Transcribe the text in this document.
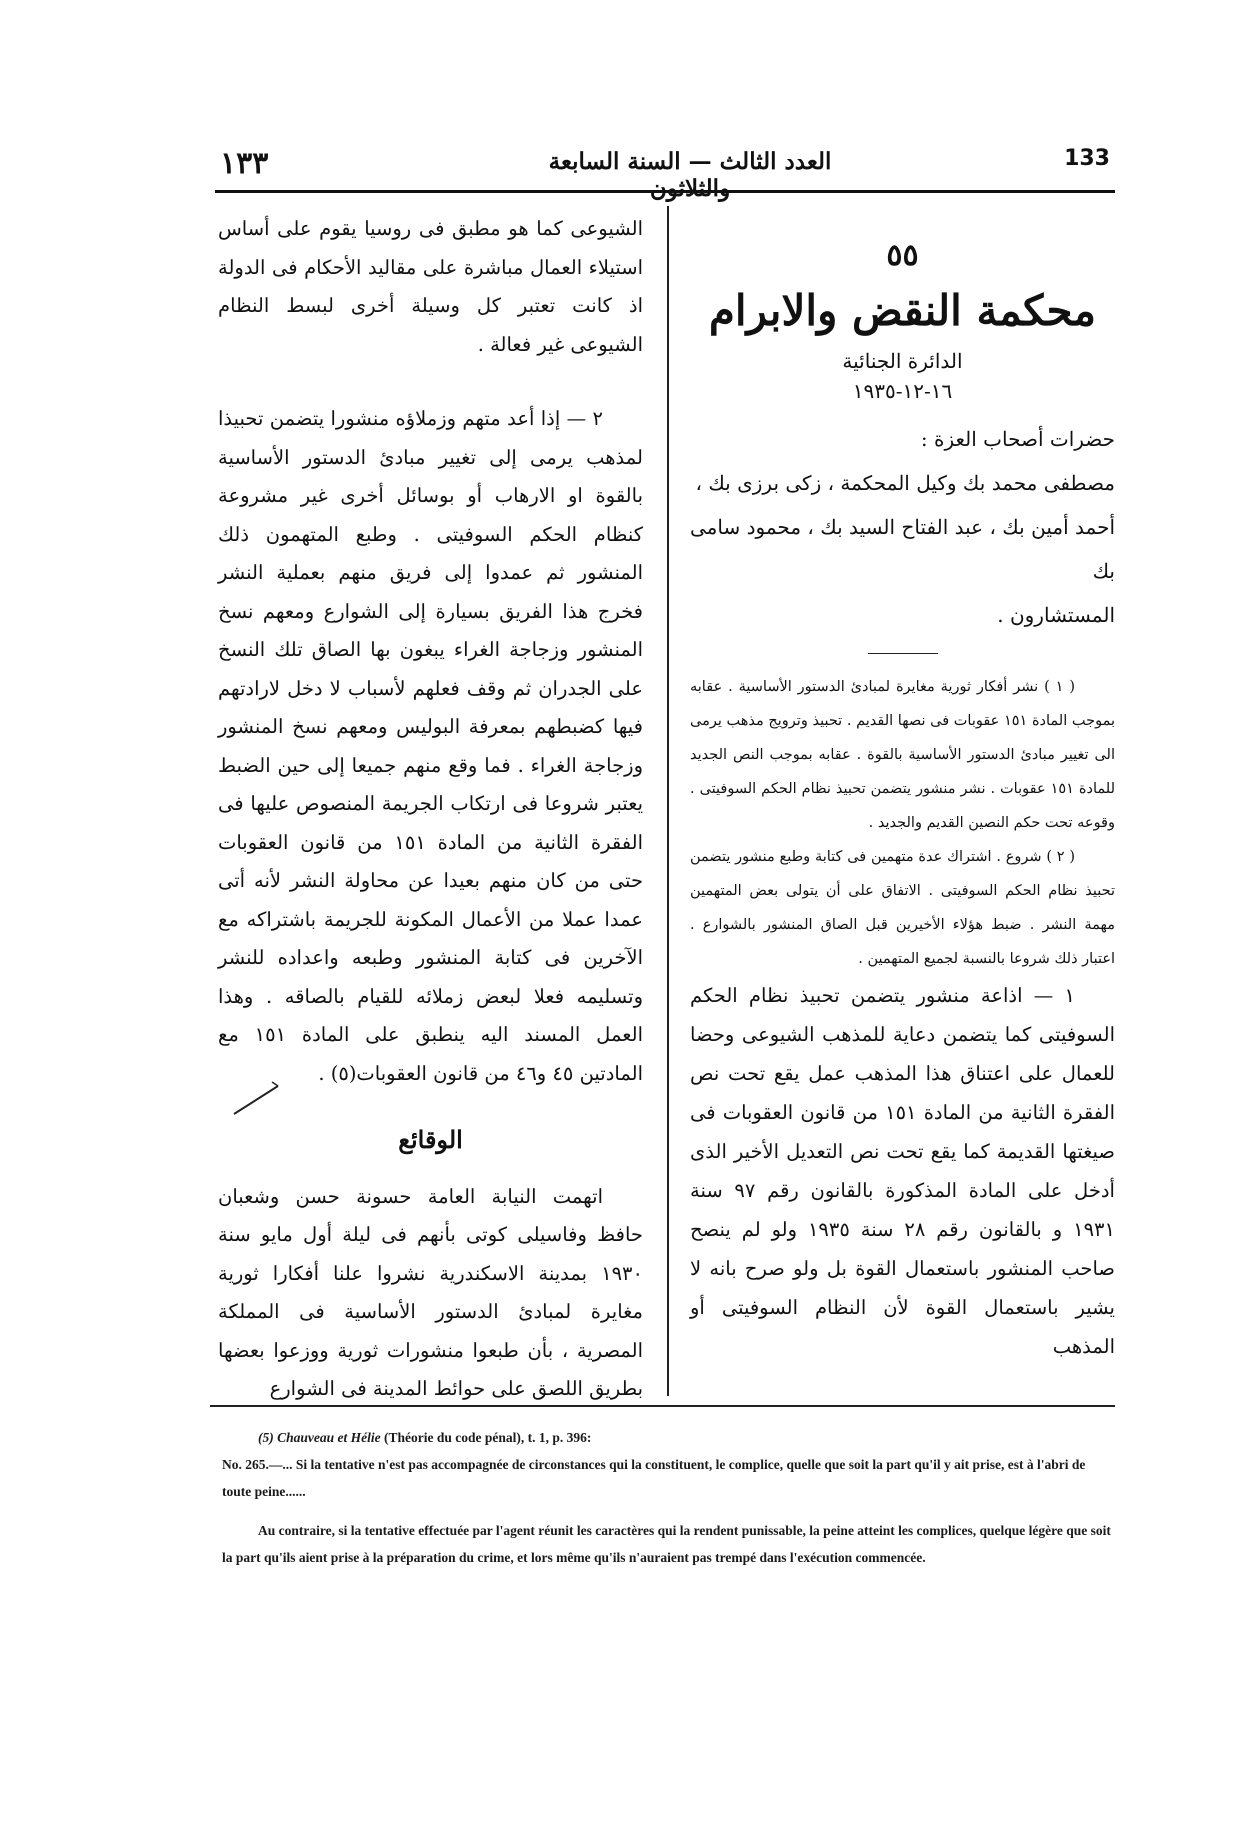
١٣٣	العدد الثالث — السنة السابعة والثلاثون
133
٥٥
محكمة النقض والابرام
الدائرة الجنائية
١٦-١٢-١٩٣٥

حضرات أصحاب العزة :

مصطفى محمد بك وكيل المحكمة ، زكى برزى بك ،

أحمد أمين بك ، عبد الفتاح السيد بك ، محمود سامى بك

المستشارون .

( ١ ) نشر أفكار ثورية مغايرة لمبادئ الدستور الأساسية . عقابه بموجب المادة ١٥١ عقوبات فى نصها القديم . تحبيذ وترويج مذهب يرمى الى تغيير مبادئ الدستور الأساسية بالقوة . عقابه بموجب النص الجديد للمادة ١٥١ عقوبات . نشر منشور يتضمن تحبيذ نظام الحكم السوفيتى . وقوعه تحت حكم النصين القديم والجديد .

( ٢ ) شروع . اشتراك عدة متهمين فى كتابة وطبع منشور يتضمن تحبيذ نظام الحكم السوفيتى . الاتفاق على أن يتولى بعض المتهمين مهمة النشر . ضبط هؤلاء الأخيرين قبل الصاق المنشور بالشوارع . اعتبار ذلك شروعا بالنسبة لجميع المتهمين .

١ — اذاعة منشور يتضمن تحبيذ نظام الحكم السوفيتى كما يتضمن دعاية للمذهب الشيوعى وحضا للعمال على اعتناق هذا المذهب عمل يقع تحت نص الفقرة الثانية من المادة ١٥١ من قانون العقوبات فى صيغتها القديمة كما يقع تحت نص التعديل الأخير الذى أدخل على المادة المذكورة بالقانون رقم ٩٧ سنة ١٩٣١ و بالقانون رقم ٢٨ سنة ١٩٣٥ ولو لم ينصح صاحب المنشور باستعمال القوة بل ولو صرح بانه لا يشير باستعمال القوة لأن النظام السوفيتى أو المذهب

الشيوعى كما هو مطبق فى روسيا يقوم على أساس استيلاء العمال مباشرة على مقاليد الأحكام فى الدولة اذ كانت تعتبر كل وسيلة أخرى لبسط النظام الشيوعى غير فعالة .

٢ — إذا أعد متهم وزملاؤه منشورا يتضمن تحبيذا لمذهب يرمى إلى تغيير مبادئ الدستور الأساسية بالقوة او الارهاب أو بوسائل أخرى غير مشروعة كنظام الحكم السوفيتى . وطبع المتهمون ذلك المنشور ثم عمدوا إلى فريق منهم بعملية النشر فخرج هذا الفريق بسيارة إلى الشوارع ومعهم نسخ المنشور وزجاجة الغراء يبغون بها الصاق تلك النسخ على الجدران ثم وقف فعلهم لأسباب لا دخل لارادتهم فيها كضبطهم بمعرفة البوليس ومعهم نسخ المنشور وزجاجة الغراء . فما وقع منهم جميعا إلى حين الضبط يعتبر شروعا فى ارتكاب الجريمة المنصوص عليها فى الفقرة الثانية من المادة ١٥١ من قانون العقوبات حتى من كان منهم بعيدا عن محاولة النشر لأنه أتى عمدا عملا من الأعمال المكونة للجريمة باشتراكه مع الآخرين فى كتابة المنشور وطبعه واعداده للنشر وتسليمه فعلا لبعض زملائه للقيام بالصاقه . وهذا العمل المسند اليه ينطبق على المادة ١٥١ مع المادتين ٤٥ و٤٦ من قانون العقوبات(٥) .

الوقائع

اتهمت النيابة العامة حسونة حسن وشعبان حافظ وفاسيلى كوتى بأنهم فى ليلة أول مايو سنة ١٩٣٠ بمدينة الاسكندرية نشروا علنا أفكارا ثورية مغايرة لمبادئ الدستور الأساسية فى المملكة المصرية ، بأن طبعوا منشورات ثورية ووزعوا بعضها بطريق اللصق على حوائط المدينة فى الشوارع

(5) Chauveau et Hélie (Théorie du code pénal), t. 1, p. 396:

No. 265.—... Si la tentative n'est pas accompagnée de circonstances qui la constituent, le complice, quelle que soit la part qu'il y ait prise, est à l'abri de toute peine......

Au contraire, si la tentative effectuée par l'agent réunit les caractères qui la rendent punissable, la peine atteint les complices, quelque légère que soit la part qu'ils aient prise à la préparation du crime, et lors même qu'ils n'auraient pas trempé dans l'exécution commencée.
